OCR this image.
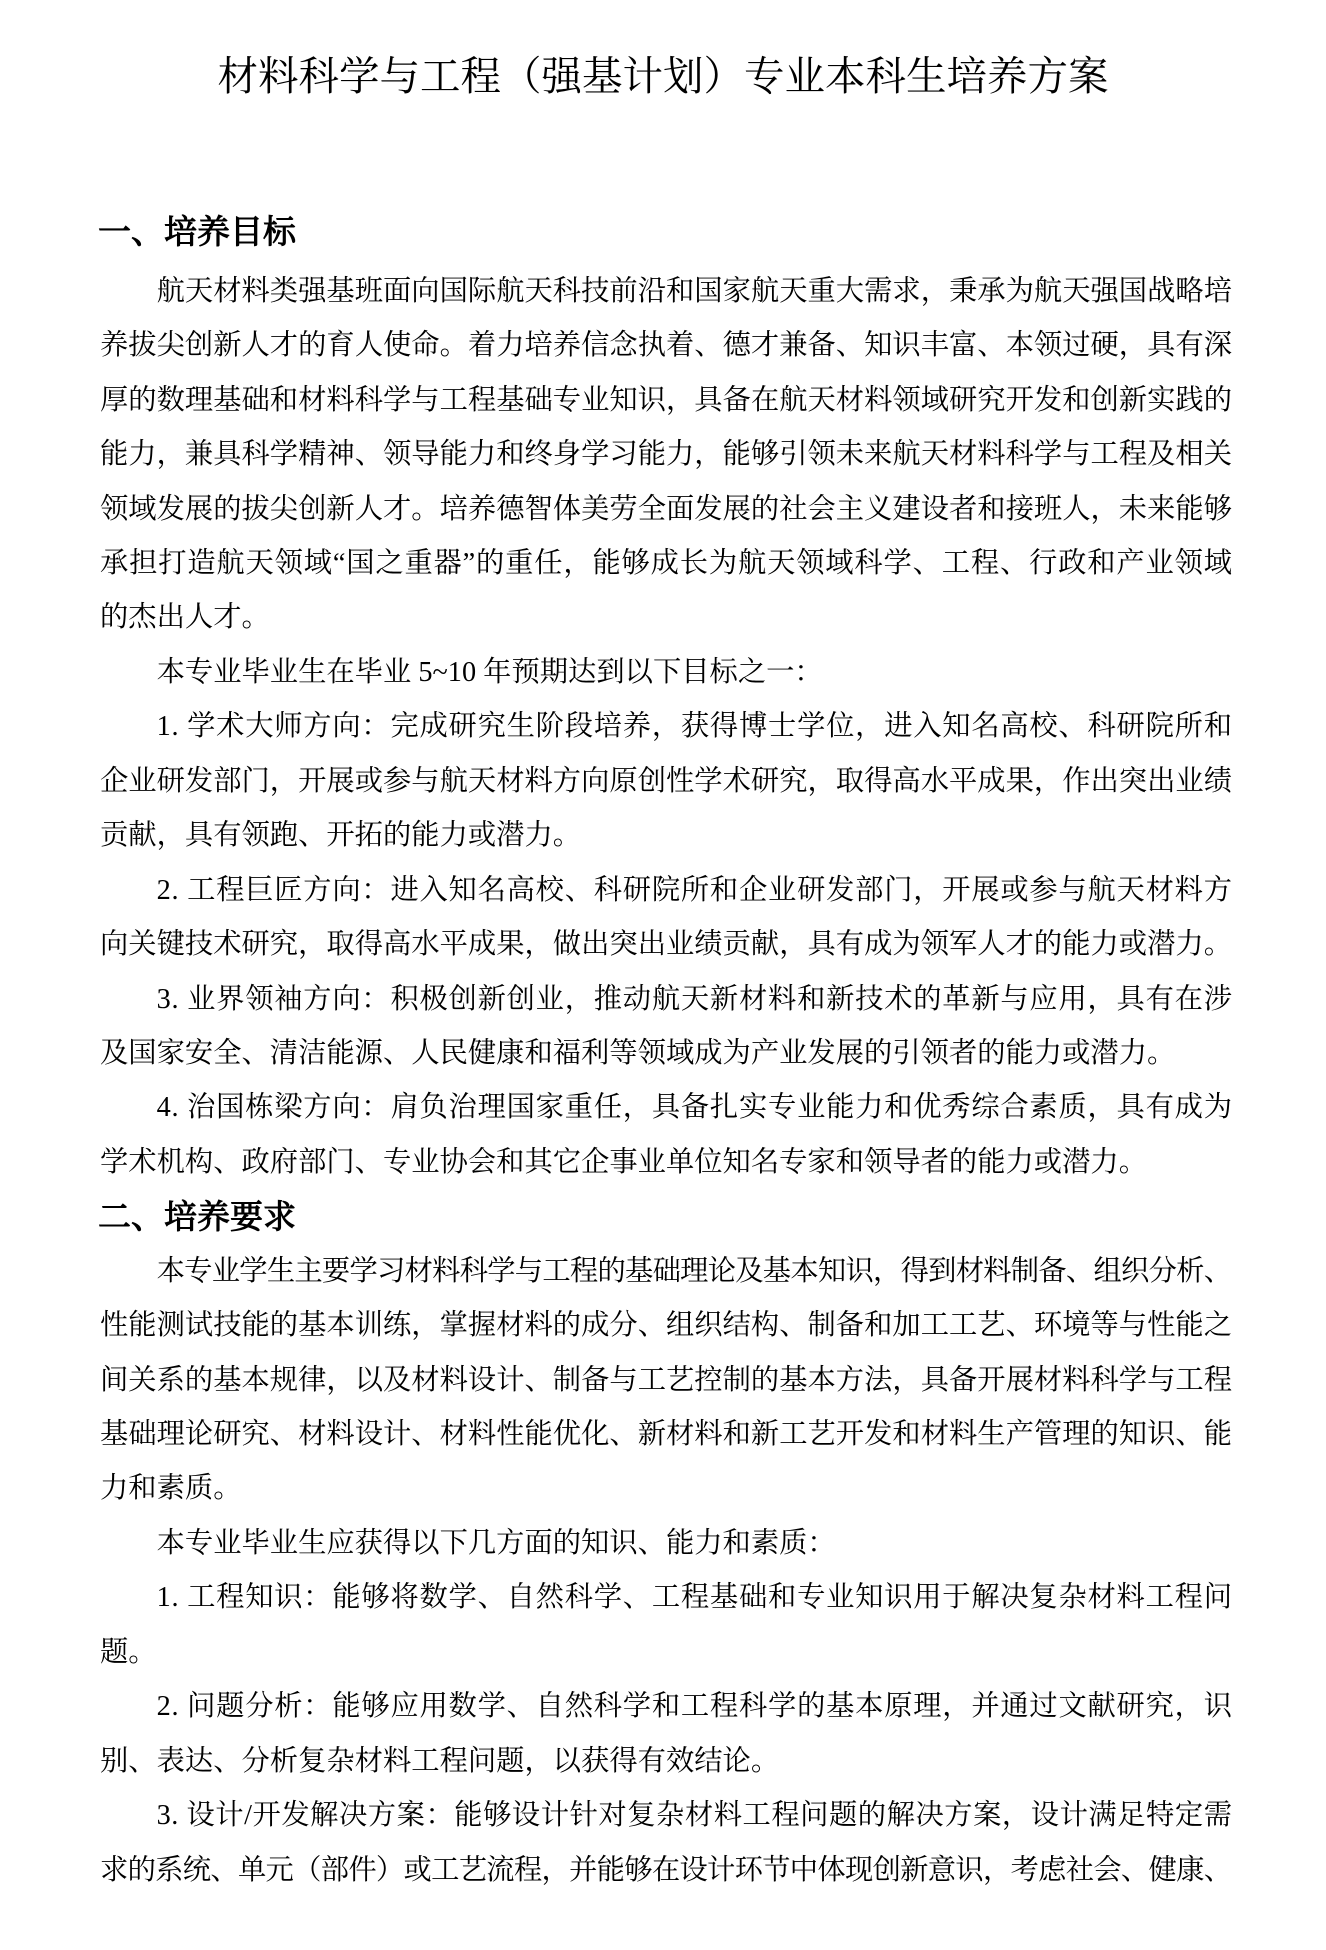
材料科学与工程（强基计划）专业本科生培养方案
一、培养目标
航天材料类强基班面向国际航天科技前沿和国家航天重大需求，秉承为航天强国战略培
养拔尖创新人才的育人使命。着力培养信念执着、德才兼备、知识丰富、本领过硬，具有深
厚的数理基础和材料科学与工程基础专业知识，具备在航天材料领域研究开发和创新实践的
能力，兼具科学精神、领导能力和终身学习能力，能够引领未来航天材料科学与工程及相关
领域发展的拔尖创新人才。培养德智体美劳全面发展的社会主义建设者和接班人，未来能够
承担打造航天领域“国之重器”的重任，能够成长为航天领域科学、工程、行政和产业领域
的杰出人才。
本专业毕业生在毕业 5~10 年预期达到以下目标之一：
1. 学术大师方向：完成研究生阶段培养，获得博士学位，进入知名高校、科研院所和
企业研发部门，开展或参与航天材料方向原创性学术研究，取得高水平成果，作出突出业绩
贡献，具有领跑、开拓的能力或潜力。
2. 工程巨匠方向：进入知名高校、科研院所和企业研发部门，开展或参与航天材料方
向关键技术研究，取得高水平成果，做出突出业绩贡献，具有成为领军人才的能力或潜力。
3. 业界领袖方向：积极创新创业，推动航天新材料和新技术的革新与应用，具有在涉
及国家安全、清洁能源、人民健康和福利等领域成为产业发展的引领者的能力或潜力。
4. 治国栋梁方向：肩负治理国家重任，具备扎实专业能力和优秀综合素质，具有成为
学术机构、政府部门、专业协会和其它企事业单位知名专家和领导者的能力或潜力。
二、培养要求
本专业学生主要学习材料科学与工程的基础理论及基本知识，得到材料制备、组织分析、
性能测试技能的基本训练，掌握材料的成分、组织结构、制备和加工工艺、环境等与性能之
间关系的基本规律，以及材料设计、制备与工艺控制的基本方法，具备开展材料科学与工程
基础理论研究、材料设计、材料性能优化、新材料和新工艺开发和材料生产管理的知识、能
力和素质。
本专业毕业生应获得以下几方面的知识、能力和素质：
1. 工程知识：能够将数学、自然科学、工程基础和专业知识用于解决复杂材料工程问
题。
2. 问题分析：能够应用数学、自然科学和工程科学的基本原理，并通过文献研究，识
别、表达、分析复杂材料工程问题，以获得有效结论。
3. 设计/开发解决方案：能够设计针对复杂材料工程问题的解决方案，设计满足特定需
求的系统、单元（部件）或工艺流程，并能够在设计环节中体现创新意识，考虑社会、健康、
